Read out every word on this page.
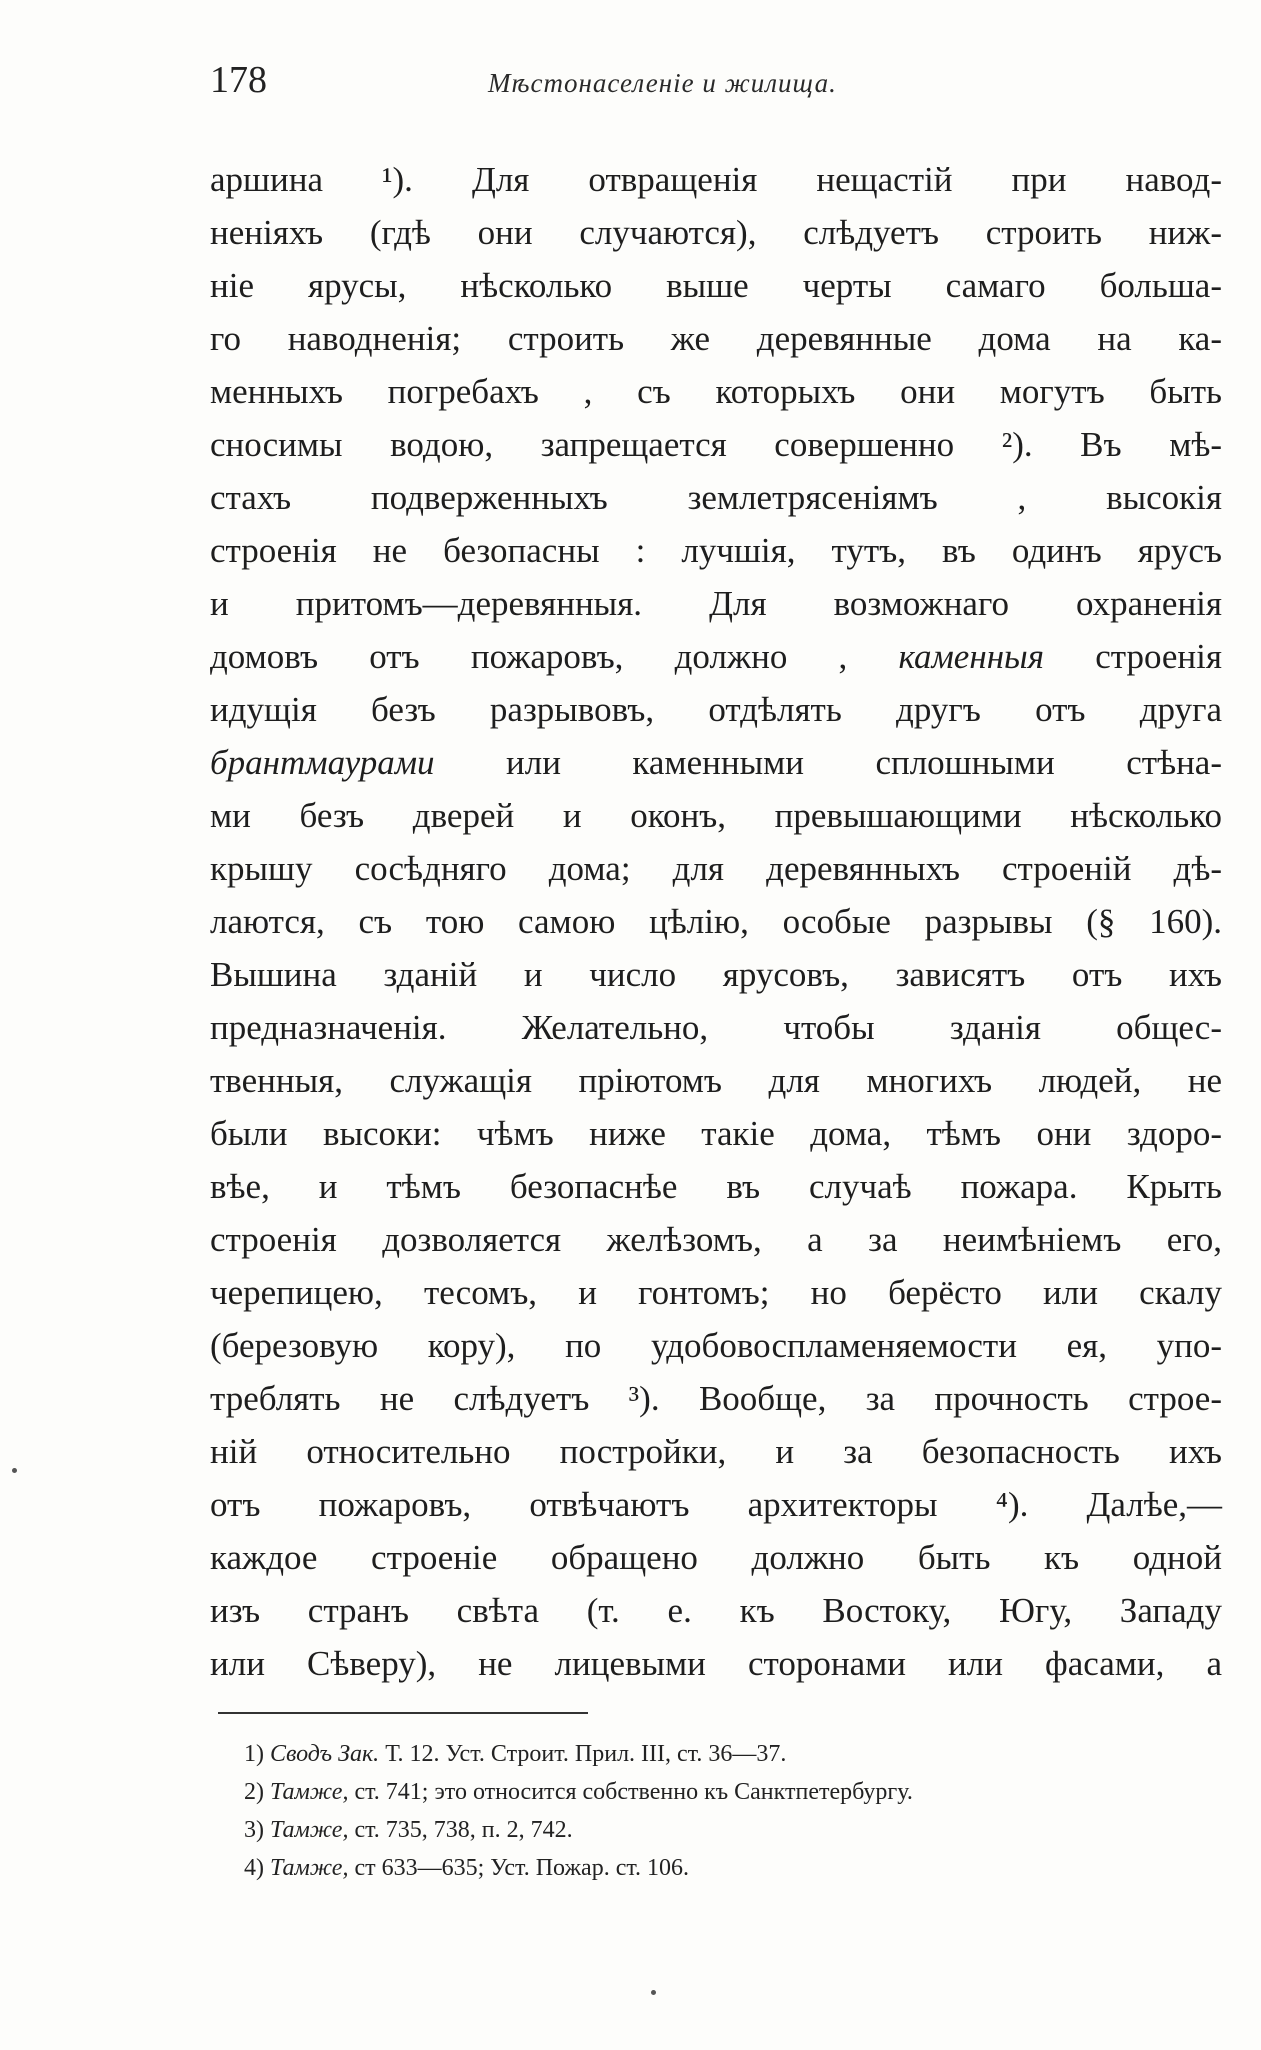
178	Мѣстонаселенiе и жилища.
аршина ¹). Для отвращенія нещастій при навод-
неніяхъ (гдѣ они случаются), слѣдуетъ строить ниж-
ніе ярусы, нѣсколько выше черты самаго большa-
го наводненія; строить же деревянные дома на ка-
менныхъ погребахъ , съ которыхъ они могутъ быть
сносимы водою, запрещается совершенно ²). Въ мѣ-
стахъ подверженныхъ землетрясеніямъ , высокія
строенія не безопасны : лучшія, тутъ, въ одинъ ярусъ
и притомъ—деревянныя. Для возможнаго охраненія
домовъ отъ пожаровъ, должно , каменныя строенія
идущія безъ разрывовъ, отдѣлять другъ отъ друга
брантмаурами или каменными сплошными стѣна-
ми безъ дверей и оконъ, превышающими нѣсколько
крышу сосѣдняго дома; для деревянныхъ строеній дѣ-
лаются, съ тою самою цѣлію, особые разрывы (§ 160).
Вышина зданій и число ярусовъ, зависятъ отъ ихъ
предназначенія. Желательно, чтобы зданія общес-
твенныя, служащія пріютомъ для многихъ людей, не
были высоки: чѣмъ ниже такіе дома, тѣмъ они здоро-
вѣе, и тѣмъ безопаснѣе въ случаѣ пожара. Крыть
строенія дозволяется желѣзомъ, а за неимѣніемъ его,
черепицею, тесомъ, и гонтомъ; но берёсто или скалу
(березовую кору), по удобовоспламеняемости ея, упо-
треблять не слѣдуетъ ³). Вообще, за прочность строе-
ній относительно постройки, и за безопасность ихъ
отъ пожаровъ, отвѣчаютъ архитекторы ⁴). Далѣе,—
каждое строеніе обращено должно быть къ одной
изъ странъ свѣта (т. е. къ Востоку, Югу, Западу
или Сѣверу), не лицевыми сторонами или фасами, а
1) Сводъ Зак. Т. 12. Уст. Строит. Прил. III, ст. 36—37.
2) Тамже, ст. 741; это относится собственно къ Санктпетербургу.
3) Тамже, ст. 735, 738, п. 2, 742.
4) Тамже, ст 633—635; Уст. Пожар. ст. 106.
